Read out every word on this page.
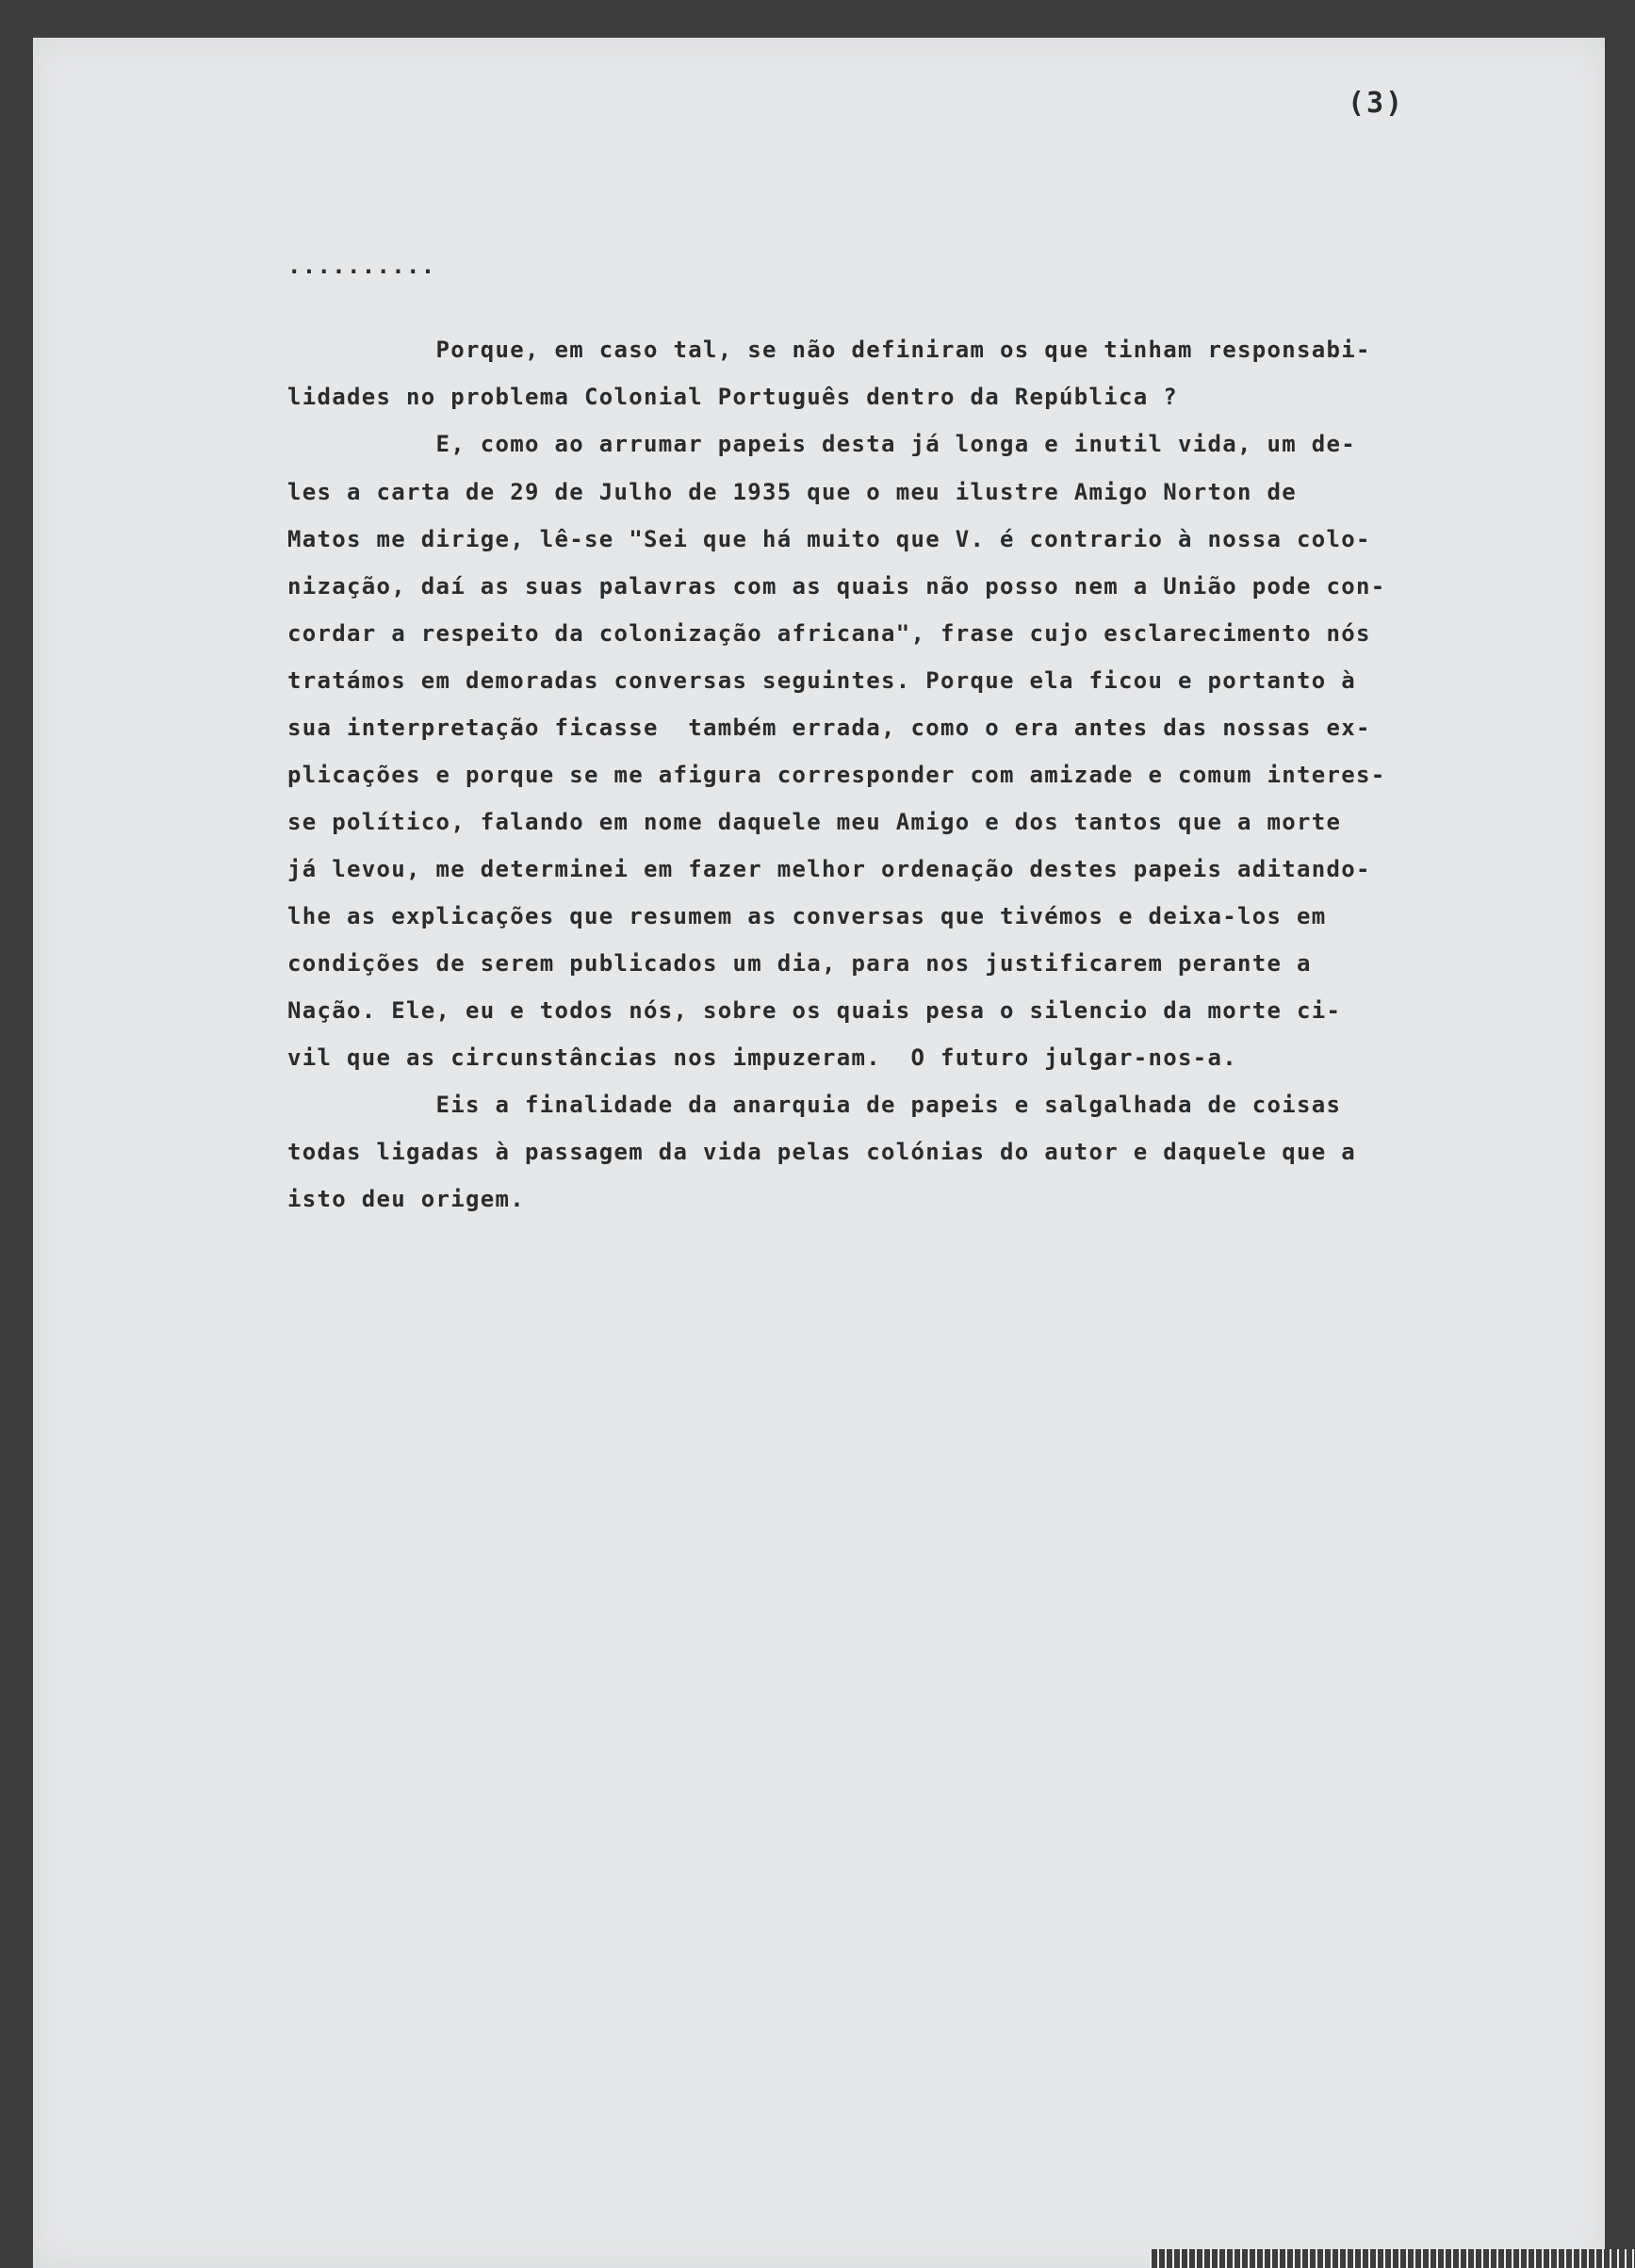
(3)
..........
Porque, em caso tal, se não definiram os que tinham responsabi-
lidades no problema Colonial Português dentro da República ?
E, como ao arrumar papeis desta já longa e inutil vida, um de-
les a carta de 29 de Julho de 1935 que o meu ilustre Amigo Norton de
Matos me dirige, lê-se "Sei que há muito que V. é contrario à nossa colo-
nização, daí as suas palavras com as quais não posso nem a União pode con-
cordar a respeito da colonização africana", frase cujo esclarecimento nós
tratámos em demoradas conversas seguintes. Porque ela ficou e portanto à
sua interpretação ficasse  também errada, como o era antes das nossas ex-
plicações e porque se me afigura corresponder com amizade e comum interes-
se político, falando em nome daquele meu Amigo e dos tantos que a morte
já levou, me determinei em fazer melhor ordenação destes papeis aditando-
lhe as explicações que resumem as conversas que tivémos e deixa-los em
condições de serem publicados um dia, para nos justificarem perante a
Nação. Ele, eu e todos nós, sobre os quais pesa o silencio da morte ci-
vil que as circunstâncias nos impuzeram.  O futuro julgar-nos-a.
Eis a finalidade da anarquia de papeis e salgalhada de coisas
todas ligadas à passagem da vida pelas colónias do autor e daquele que a
isto deu origem.
